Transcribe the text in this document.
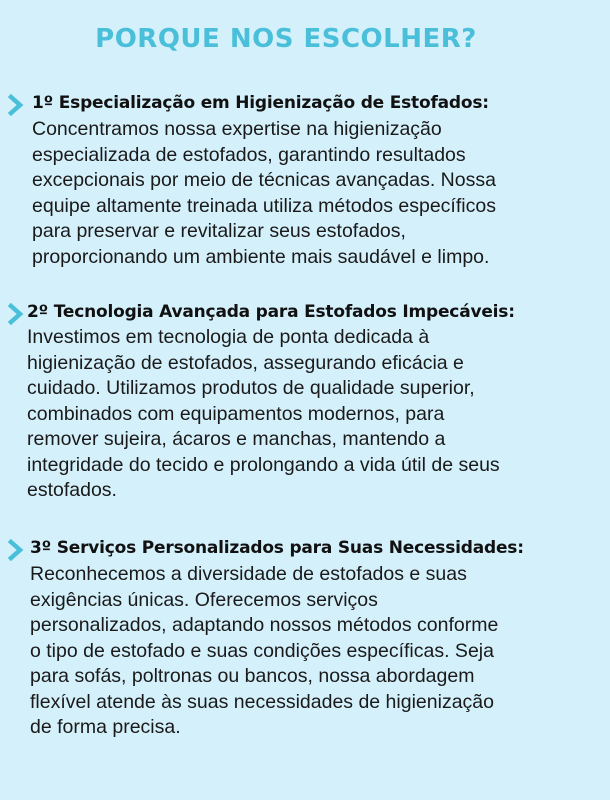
PORQUE NOS ESCOLHER?
1º Especialização em Higienização de Estofados:
Concentramos nossa expertise na higienização
especializada de estofados, garantindo resultados
excepcionais por meio de técnicas avançadas. Nossa
equipe altamente treinada utiliza métodos específicos
para preservar e revitalizar seus estofados,
proporcionando um ambiente mais saudável e limpo.
2º Tecnologia Avançada para Estofados Impecáveis:
Investimos em tecnologia de ponta dedicada à
higienização de estofados, assegurando eficácia e
cuidado. Utilizamos produtos de qualidade superior,
combinados com equipamentos modernos, para
remover sujeira, ácaros e manchas, mantendo a
integridade do tecido e prolongando a vida útil de seus
estofados.
3º Serviços Personalizados para Suas Necessidades:
Reconhecemos a diversidade de estofados e suas
exigências únicas. Oferecemos serviços
personalizados, adaptando nossos métodos conforme
o tipo de estofado e suas condições específicas. Seja
para sofás, poltronas ou bancos, nossa abordagem
flexível atende às suas necessidades de higienização
de forma precisa.
